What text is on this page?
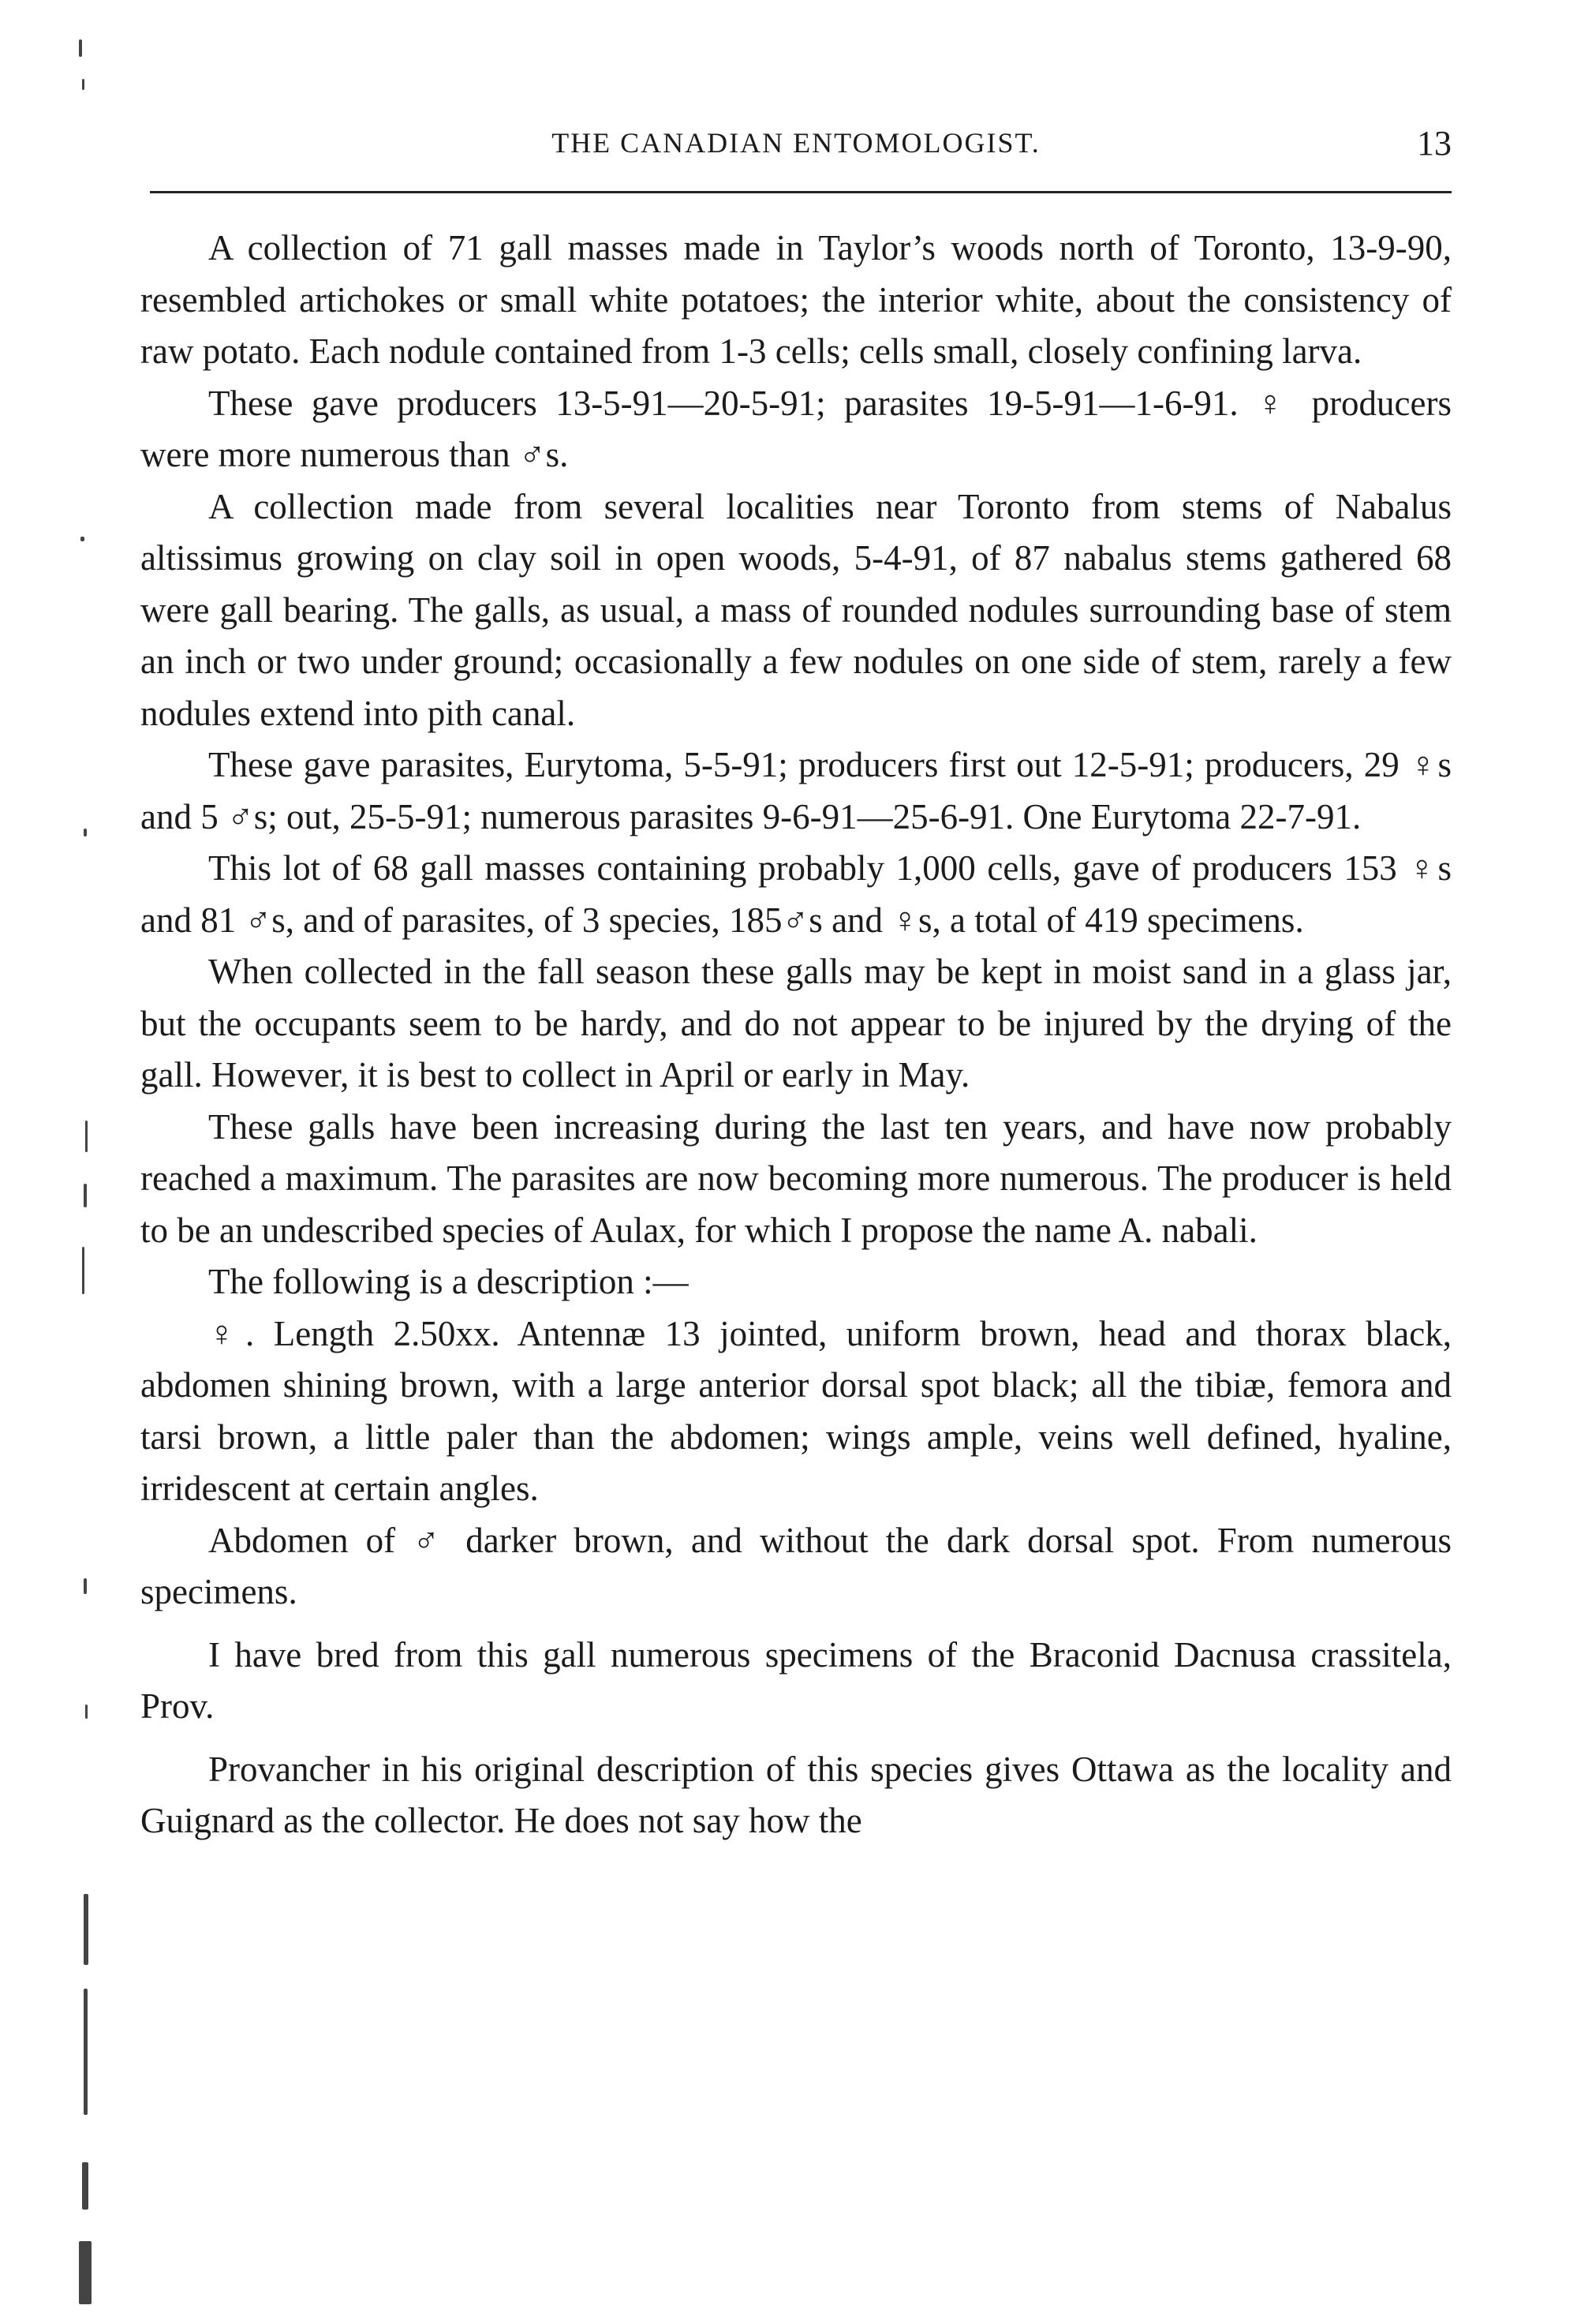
THE CANADIAN ENTOMOLOGIST.	13

A collection of 71 gall masses made in Taylor’s woods north of Toronto, 13-9-90, resembled artichokes or small white potatoes; the interior white, about the consistency of raw potato. Each nodule contained from 1-3 cells; cells small, closely confining larva.

These gave producers 13-5-91—20-5-91; parasites 19-5-91—1-6-91. ♀ producers were more numerous than ♂s.

A collection made from several localities near Toronto from stems of Nabalus altissimus growing on clay soil in open woods, 5-4-91, of 87 nabalus stems gathered 68 were gall bearing. The galls, as usual, a mass of rounded nodules surrounding base of stem an inch or two under ground; occasionally a few nodules on one side of stem, rarely a few nodules extend into pith canal.

These gave parasites, Eurytoma, 5-5-91; producers first out 12-5-91; producers, 29 ♀s and 5 ♂s; out, 25-5-91; numerous parasites 9-6-91—25-6-91. One Eurytoma 22-7-91.

This lot of 68 gall masses containing probably 1,000 cells, gave of producers 153 ♀s and 81 ♂s, and of parasites, of 3 species, 185♂s and ♀s, a total of 419 specimens.

When collected in the fall season these galls may be kept in moist sand in a glass jar, but the occupants seem to be hardy, and do not appear to be injured by the drying of the gall. However, it is best to collect in April or early in May.

These galls have been increasing during the last ten years, and have now probably reached a maximum. The parasites are now becoming more numerous. The producer is held to be an undescribed species of Aulax, for which I propose the name A. nabali.

The following is a description :—

♀. Length 2.50xx. Antennæ 13 jointed, uniform brown, head and thorax black, abdomen shining brown, with a large anterior dorsal spot black; all the tibiæ, femora and tarsi brown, a little paler than the abdomen; wings ample, veins well defined, hyaline, irridescent at certain angles.

Abdomen of ♂ darker brown, and without the dark dorsal spot. From numerous specimens.

I have bred from this gall numerous specimens of the Braconid Dacnusa crassitela, Prov.

Provancher in his original description of this species gives Ottawa as the locality and Guignard as the collector. He does not say how the
